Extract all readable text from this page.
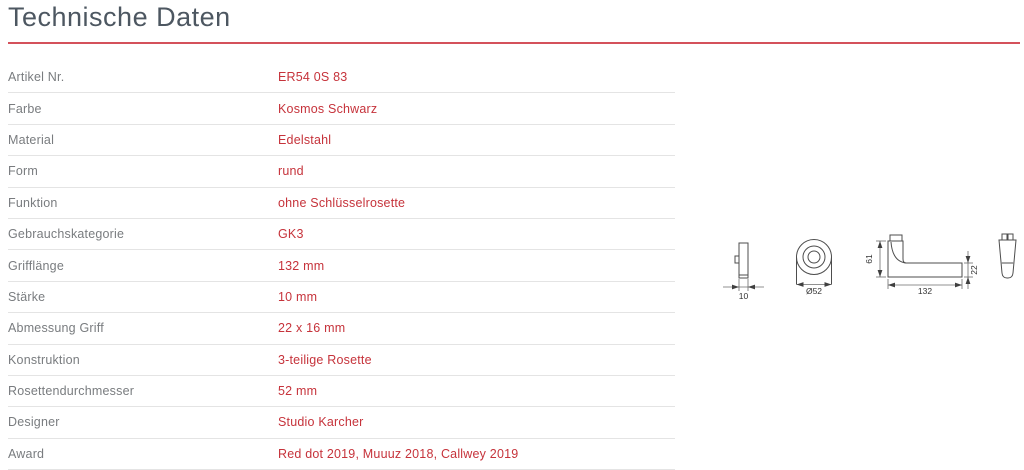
Technische Daten
Artikel Nr.	ER54 0S 83
Farbe	Kosmos Schwarz
Material	Edelstahl
Form	rund
Funktion	ohne Schlüsselrosette
Gebrauchskategorie	GK3
Grifflänge	132 mm
Stärke	10 mm
Abmessung Griff	22 x 16 mm
Konstruktion	3-teilige Rosette
Rosettendurchmesser	52 mm
Designer	Studio Karcher
Award	Red dot 2019, Muuuz 2018, Callwey 2019
10	Ø52
61
132
22
